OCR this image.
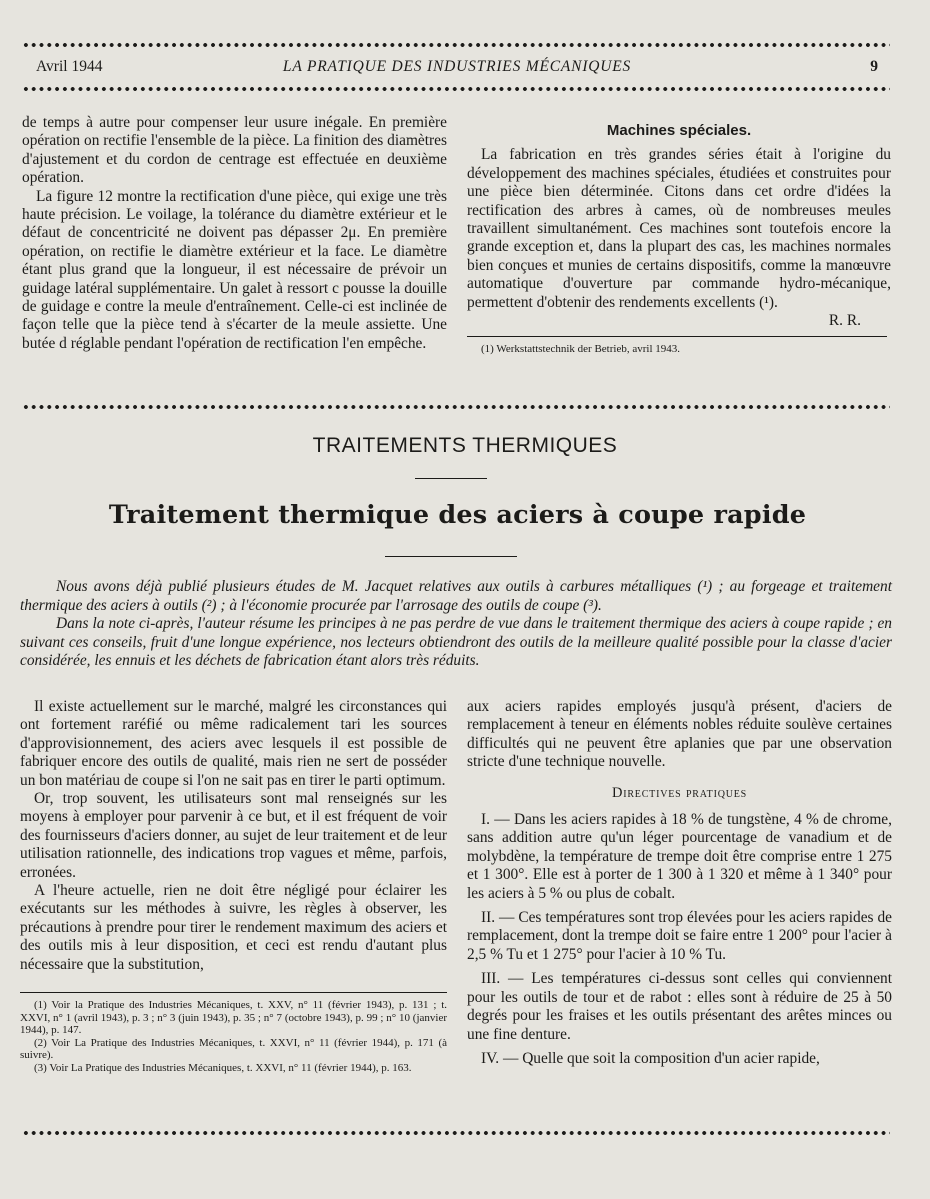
Avril 1944	LA PRATIQUE DES INDUSTRIES MÉCANIQUES	9

de temps à autre pour compenser leur usure inégale. En première opération on rectifie l'ensemble de la pièce. La finition des diamètres d'ajustement et du cordon de centrage est effectuée en deuxième opération.

La figure 12 montre la rectification d'une pièce, qui exige une très haute précision. Le voilage, la tolérance du diamètre extérieur et le défaut de concentricité ne doivent pas dépasser 2μ. En première opération, on rectifie le diamètre extérieur et la face. Le diamètre étant plus grand que la longueur, il est nécessaire de prévoir un guidage latéral supplémentaire. Un galet à ressort c pousse la douille de guidage e contre la meule d'entraînement. Celle-ci est inclinée de façon telle que la pièce tend à s'écarter de la meule assiette. Une butée d réglable pendant l'opération de rectification l'en empêche.

Machines spéciales.

La fabrication en très grandes séries était à l'origine du développement des machines spéciales, étudiées et construites pour une pièce bien déterminée. Citons dans cet ordre d'idées la rectification des arbres à cames, où de nombreuses meules travaillent simultanément. Ces machines sont toutefois encore la grande exception et, dans la plupart des cas, les machines normales bien conçues et munies de certains dispositifs, comme la manœuvre automatique d'ouverture par commande hydro-mécanique, permettent d'obtenir des rendements excellents (¹).

R. R.

(1) Werkstattstechnik der Betrieb, avril 1943.

TRAITEMENTS THERMIQUES
Traitement thermique des aciers à coupe rapide

Nous avons déjà publié plusieurs études de M. Jacquet relatives aux outils à carbures métalliques (¹) ; au forgeage et traitement thermique des aciers à outils (²) ; à l'économie procurée par l'arrosage des outils de coupe (³).

Dans la note ci-après, l'auteur résume les principes à ne pas perdre de vue dans le traitement thermique des aciers à coupe rapide ; en suivant ces conseils, fruit d'une longue expérience, nos lecteurs obtiendront des outils de la meilleure qualité possible pour la classe d'acier considérée, les ennuis et les déchets de fabrication étant alors très réduits.

Il existe actuellement sur le marché, malgré les circonstances qui ont fortement raréfié ou même radicalement tari les sources d'approvisionnement, des aciers avec lesquels il est possible de fabriquer encore des outils de qualité, mais rien ne sert de posséder un bon matériau de coupe si l'on ne sait pas en tirer le parti optimum.

Or, trop souvent, les utilisateurs sont mal renseignés sur les moyens à employer pour parvenir à ce but, et il est fréquent de voir des fournisseurs d'aciers donner, au sujet de leur traitement et de leur utilisation rationnelle, des indications trop vagues et même, parfois, erronées.

A l'heure actuelle, rien ne doit être négligé pour éclairer les exécutants sur les méthodes à suivre, les règles à observer, les précautions à prendre pour tirer le rendement maximum des aciers et des outils mis à leur disposition, et ceci est rendu d'autant plus nécessaire que la substitution,

(1) Voir la Pratique des Industries Mécaniques, t. XXV, n° 11 (février 1943), p. 131 ; t. XXVI, n° 1 (avril 1943), p. 3 ; n° 3 (juin 1943), p. 35 ; n° 7 (octobre 1943), p. 99 ; n° 10 (janvier 1944), p. 147.

(2) Voir La Pratique des Industries Mécaniques, t. XXVI, n° 11 (février 1944), p. 171 (à suivre).

(3) Voir La Pratique des Industries Mécaniques, t. XXVI, n° 11 (février 1944), p. 163.

aux aciers rapides employés jusqu'à présent, d'aciers de remplacement à teneur en éléments nobles réduite soulève certaines difficultés qui ne peuvent être aplanies que par une observation stricte d'une technique nouvelle.

Directives pratiques

I. — Dans les aciers rapides à 18 % de tungstène, 4 % de chrome, sans addition autre qu'un léger pourcentage de vanadium et de molybdène, la température de trempe doit être comprise entre 1 275 et 1 300°. Elle est à porter de 1 300 à 1 320 et même à 1 340° pour les aciers à 5 % ou plus de cobalt.

II. — Ces températures sont trop élevées pour les aciers rapides de remplacement, dont la trempe doit se faire entre 1 200° pour l'acier à 2,5 % Tu et 1 275° pour l'acier à 10 % Tu.

III. — Les températures ci-dessus sont celles qui conviennent pour les outils de tour et de rabot : elles sont à réduire de 25 à 50 degrés pour les fraises et les outils présentant des arêtes minces ou une fine denture.

IV. — Quelle que soit la composition d'un acier rapide,
